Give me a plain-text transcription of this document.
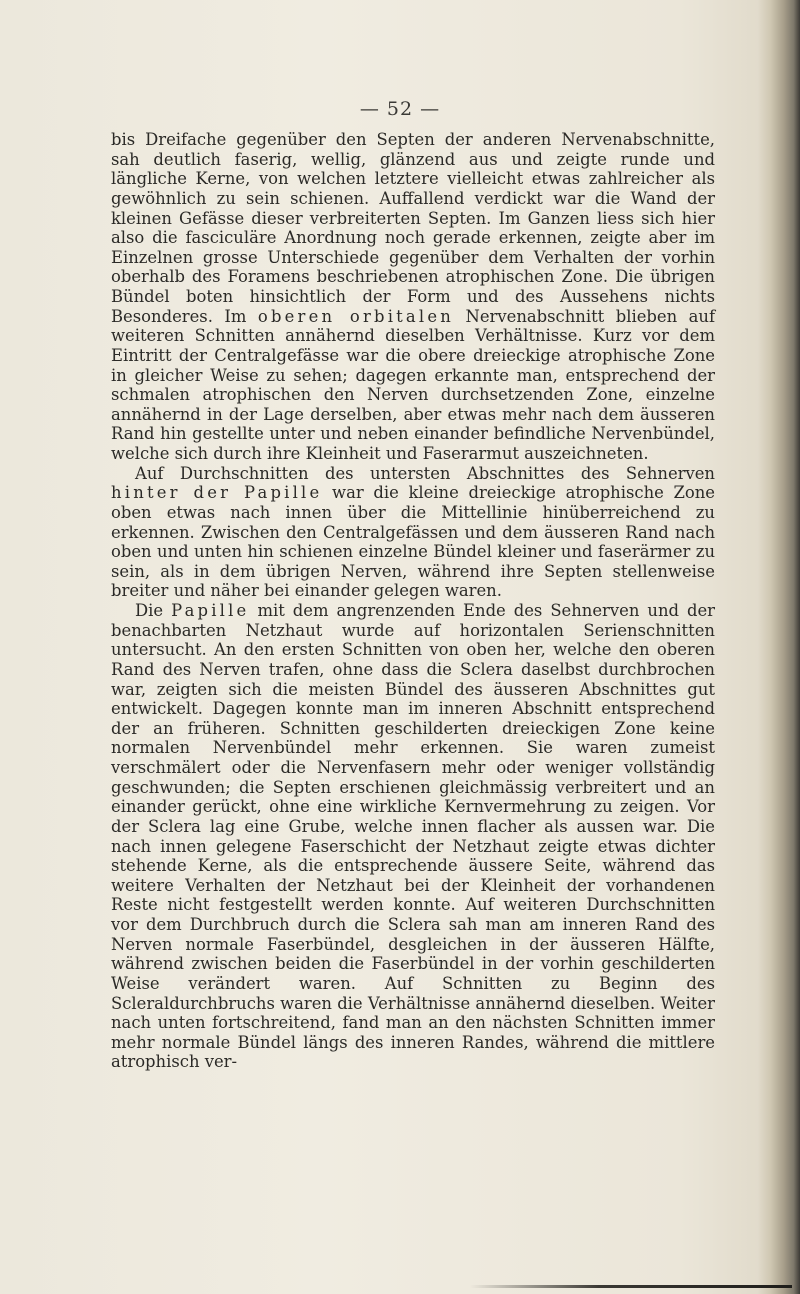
— 52 —

bis Dreifache gegenüber den Septen der anderen Nervenabschnitte, sah deutlich faserig, wellig, glänzend aus und zeigte runde und längliche Kerne, von welchen letztere vielleicht etwas zahlreicher als gewöhnlich zu sein schienen. Auffallend verdickt war die Wand der kleinen Gefässe dieser verbreiterten Septen. Im Ganzen liess sich hier also die fasciculäre Anordnung noch gerade erkennen, zeigte aber im Einzelnen grosse Unterschiede gegenüber dem Verhalten der vorhin oberhalb des Foramens beschriebenen atrophischen Zone. Die übrigen Bündel boten hinsichtlich der Form und des Aussehens nichts Besonderes. Im oberen orbitalen Nervenabschnitt blieben auf weiteren Schnitten annähernd dieselben Verhältnisse. Kurz vor dem Eintritt der Centralgefässe war die obere dreieckige atrophische Zone in gleicher Weise zu sehen; dagegen erkannte man, entsprechend der schmalen atrophischen den Nerven durchsetzenden Zone, einzelne annähernd in der Lage derselben, aber etwas mehr nach dem äusseren Rand hin gestellte unter und neben einander befindliche Nervenbündel, welche sich durch ihre Kleinheit und Faserarmut auszeichneten.

Auf Durchschnitten des untersten Abschnittes des Sehnerven hinter der Papille war die kleine dreieckige atrophische Zone oben etwas nach innen über die Mittellinie hinüberreichend zu erkennen. Zwischen den Centralgefässen und dem äusseren Rand nach oben und unten hin schienen einzelne Bündel kleiner und faserärmer zu sein, als in dem übrigen Nerven, während ihre Septen stellenweise breiter und näher bei einander gelegen waren.

Die Papille mit dem angrenzenden Ende des Sehnerven und der benachbarten Netzhaut wurde auf horizontalen Serienschnitten untersucht. An den ersten Schnitten von oben her, welche den oberen Rand des Nerven trafen, ohne dass die Sclera daselbst durchbrochen war, zeigten sich die meisten Bündel des äusseren Abschnittes gut entwickelt. Dagegen konnte man im inneren Abschnitt entsprechend der an früheren. Schnitten geschilderten dreieckigen Zone keine normalen Nervenbündel mehr erkennen. Sie waren zumeist verschmälert oder die Nervenfasern mehr oder weniger vollständig geschwunden; die Septen erschienen gleichmässig verbreitert und an einander gerückt, ohne eine wirkliche Kernvermehrung zu zeigen. Vor der Sclera lag eine Grube, welche innen flacher als aussen war. Die nach innen gelegene Faserschicht der Netzhaut zeigte etwas dichter stehende Kerne, als die entsprechende äussere Seite, während das weitere Verhalten der Netzhaut bei der Kleinheit der vorhandenen Reste nicht festgestellt werden konnte. Auf weiteren Durchschnitten vor dem Durchbruch durch die Sclera sah man am inneren Rand des Nerven normale Faserbündel, desgleichen in der äusseren Hälfte, während zwischen beiden die Faserbündel in der vorhin geschilderten Weise verändert waren. Auf Schnitten zu Beginn des Scleraldurchbruchs waren die Verhältnisse annähernd dieselben. Weiter nach unten fortschreitend, fand man an den nächsten Schnitten immer mehr normale Bündel längs des inneren Randes, während die mittlere atrophisch ver-
